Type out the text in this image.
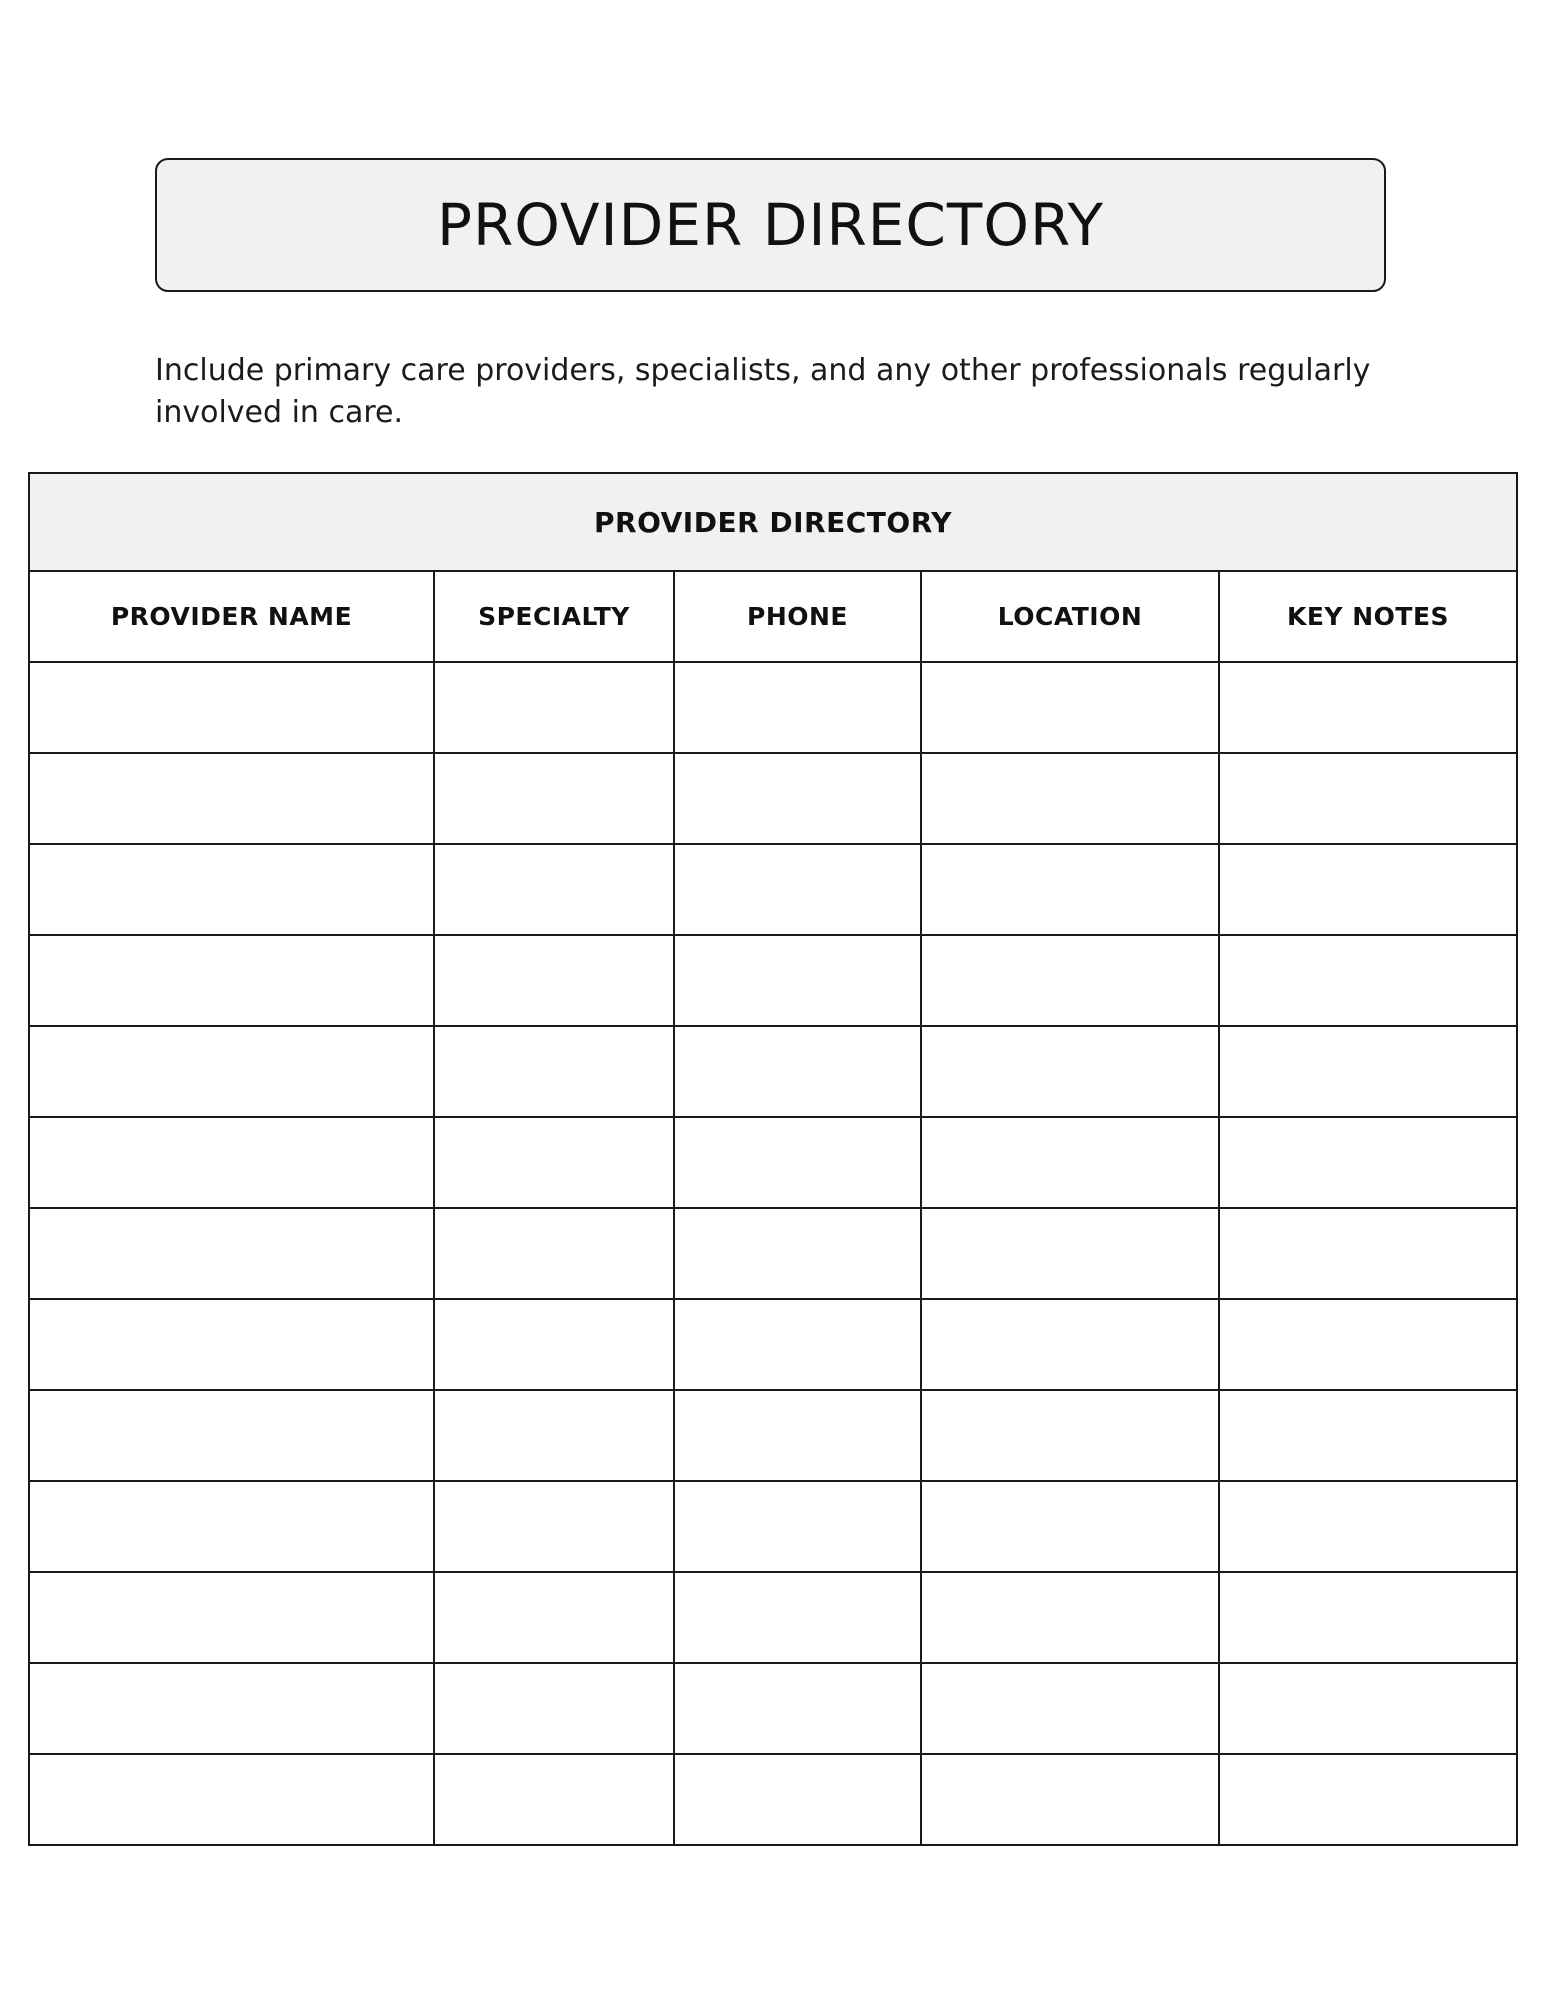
PROVIDER DIRECTORY

Include primary care providers, specialists, and any other professionals regularly involved in care.

PROVIDER DIRECTORY				
PROVIDER NAME	SPECIALTY	PHONE	LOCATION	KEY NOTES
